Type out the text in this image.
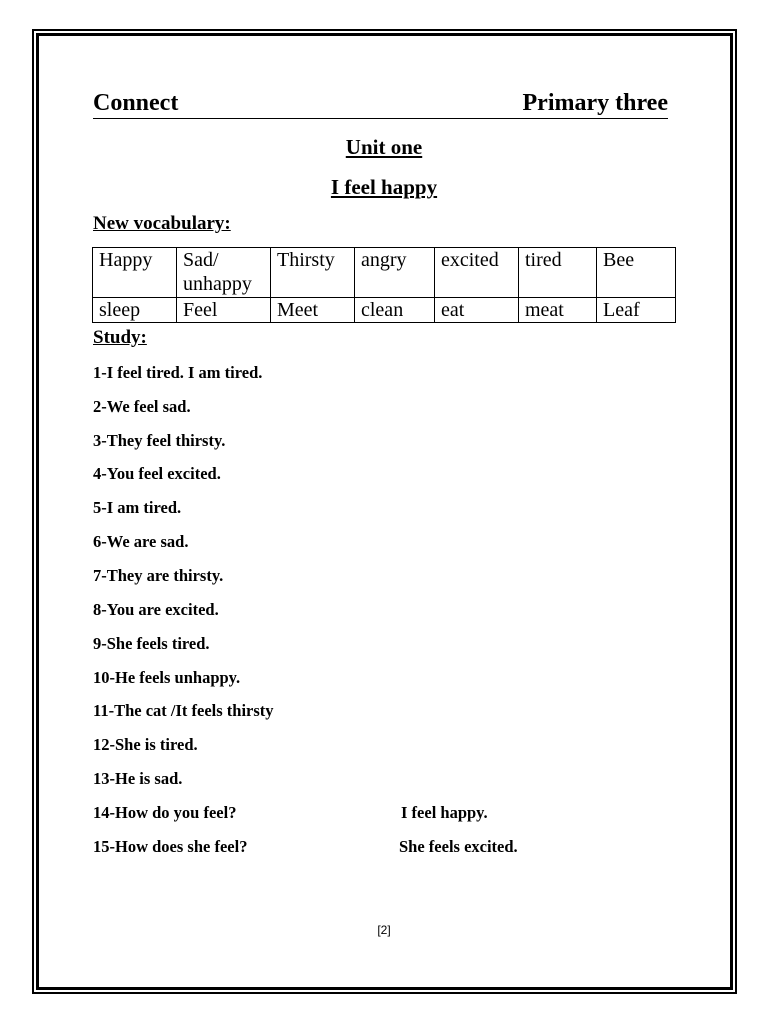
Connect	Primary three
Unit one
I feel happy
New vocabulary:
Happy	Sad/ unhappy	Thirsty	angry	excited	tired	Bee
sleep	Feel	Meet	clean	eat	meat	Leaf
Study:
1-I feel tired. I am tired.
2-We feel sad.
3-They feel thirsty.
4-You feel excited.
5-I am tired.
6-We are sad.
7-They are thirsty.
8-You are excited.
9-She feels tired.
10-He feels unhappy.
11-The cat /It feels thirsty
12-She is tired.
13-He is sad.
14-How do you feel?	I feel happy.
15-How does she feel?	She feels excited.
[2]
